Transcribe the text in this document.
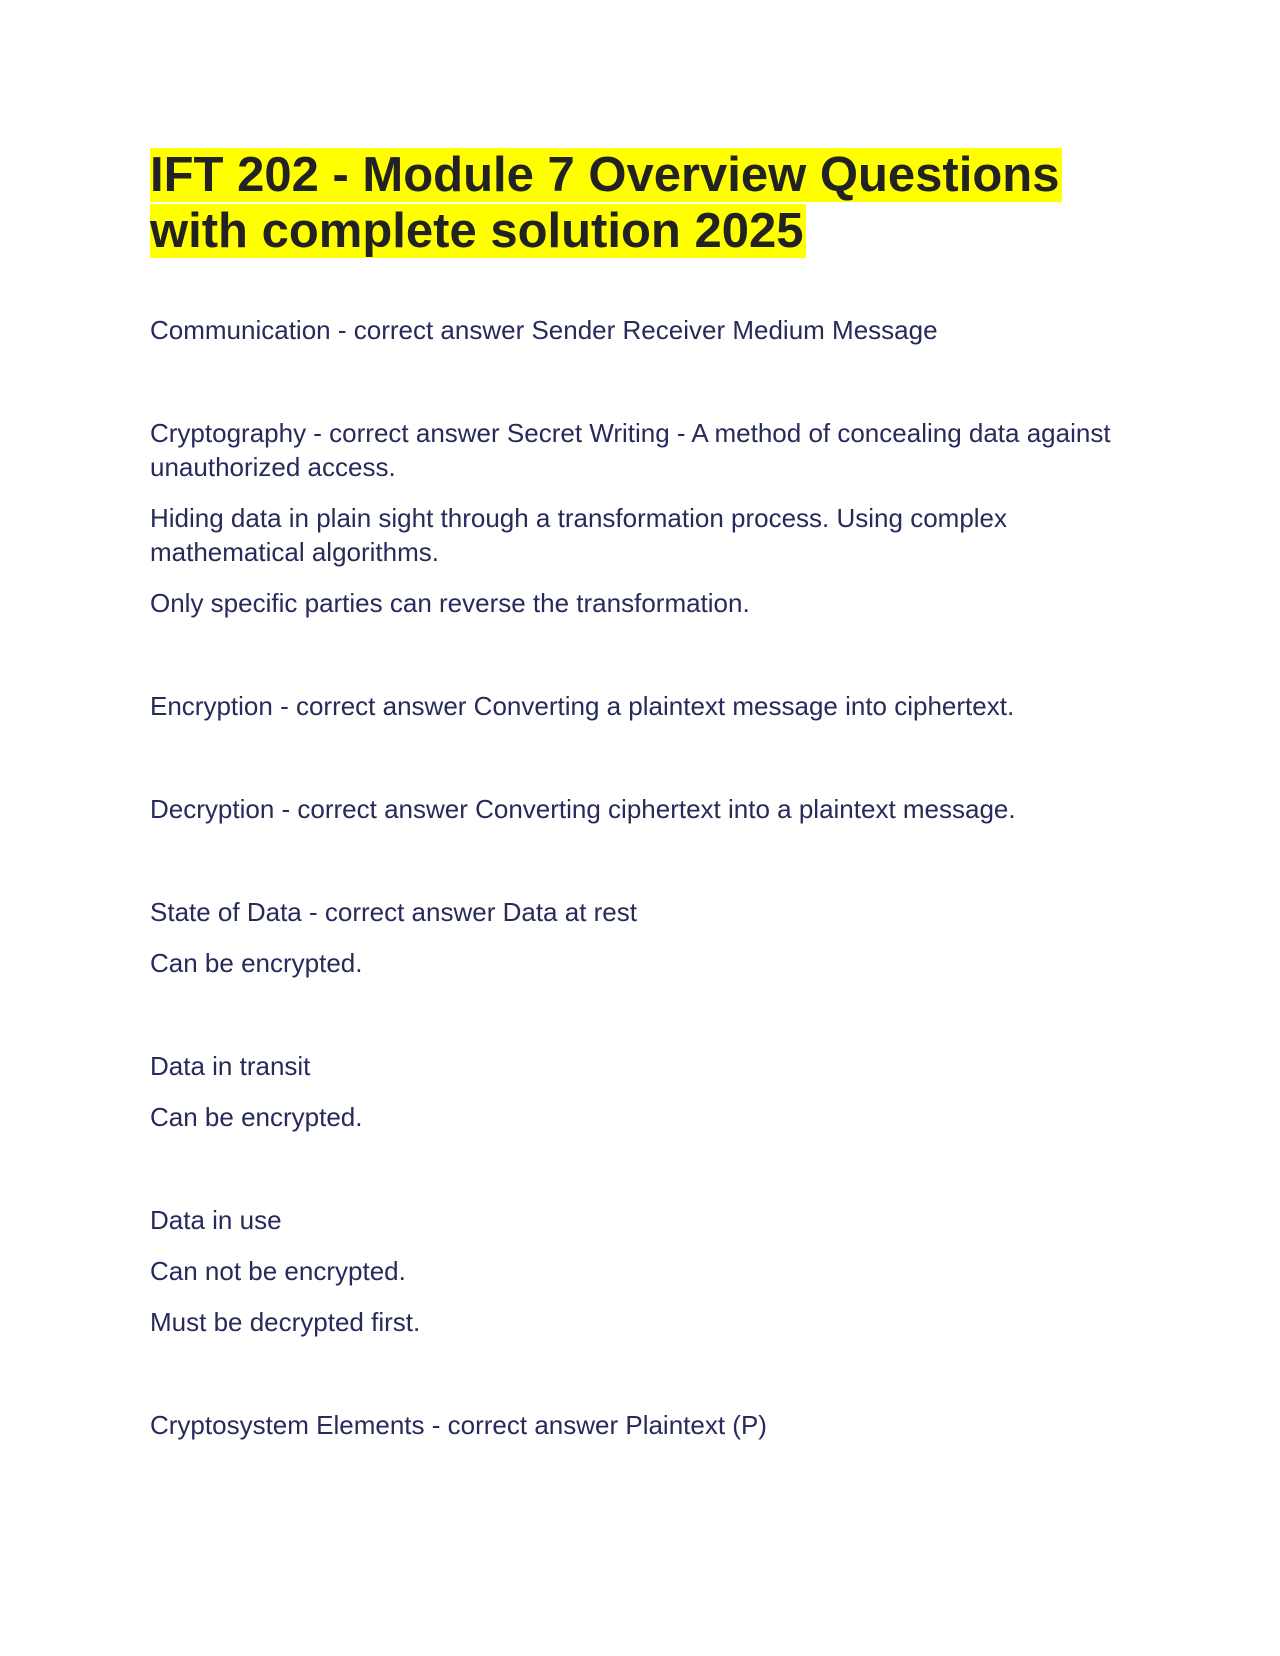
IFT 202 - Module 7 Overview Questions
with complete solution 2025

Communication - correct answer Sender Receiver Medium Message

Cryptography - correct answer Secret Writing - A method of concealing data against unauthorized access.

Hiding data in plain sight through a transformation process. Using complex mathematical algorithms.

Only specific parties can reverse the transformation.

Encryption - correct answer Converting a plaintext message into ciphertext.

Decryption - correct answer Converting ciphertext into a plaintext message.

State of Data - correct answer Data at rest

Can be encrypted.

Data in transit

Can be encrypted.

Data in use

Can not be encrypted.

Must be decrypted first.

Cryptosystem Elements - correct answer Plaintext (P)
